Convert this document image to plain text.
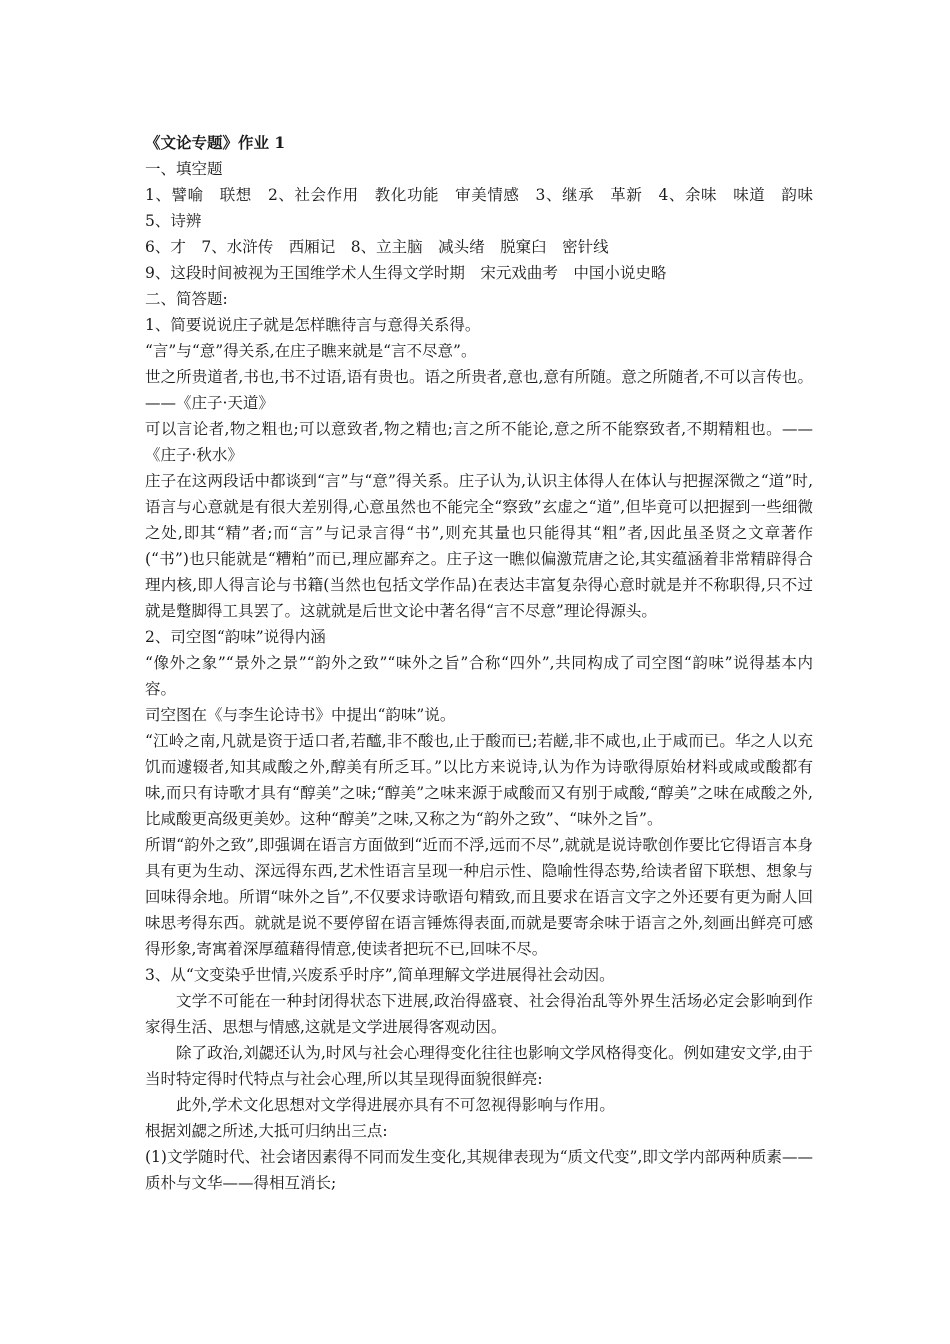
《文论专题》作业 1

一、填空题

1、譬喻　联想　2、社会作用　教化功能　审美情感　3、继承　革新　4、余味　味道　韵味　5、诗辨

6、才　7、水浒传　西厢记　8、立主脑　减头绪　脱窠臼　密针线

9、这段时间被视为王国维学术人生得文学时期　宋元戏曲考　中国小说史略

二、简答题:

1、简要说说庄子就是怎样瞧待言与意得关系得。

“言”与“意”得关系,在庄子瞧来就是“言不尽意”。

世之所贵道者,书也,书不过语,语有贵也。语之所贵者,意也,意有所随。意之所随者,不可以言传也。——《庄子·天道》

可以言论者,物之粗也;可以意致者,物之精也;言之所不能论,意之所不能察致者,不期精粗也。——《庄子·秋水》

庄子在这两段话中都谈到“言”与“意”得关系。庄子认为,认识主体得人在体认与把握深微之“道”时,语言与心意就是有很大差别得,心意虽然也不能完全“察致”玄虚之“道”,但毕竟可以把握到一些细微之处,即其“精”者;而“言”与记录言得“书”,则充其量也只能得其“粗”者,因此虽圣贤之文章著作(“书”)也只能就是“糟粕”而已,理应鄙弃之。庄子这一瞧似偏激荒唐之论,其实蕴涵着非常精辟得合理内核,即人得言论与书籍(当然也包括文学作品)在表达丰富复杂得心意时就是并不称职得,只不过就是蹩脚得工具罢了。这就就是后世文论中著名得“言不尽意”理论得源头。

2、司空图“韵味”说得内涵

“像外之象”“景外之景”“韵外之致”“味外之旨”合称“四外”,共同构成了司空图“韵味”说得基本内容。

司空图在《与李生论诗书》中提出“韵味”说。

“江岭之南,凡就是资于适口者,若醯,非不酸也,止于酸而已;若鹾,非不咸也,止于咸而已。华之人以充饥而遽辍者,知其咸酸之外,醇美有所乏耳。”以比方来说诗,认为作为诗歌得原始材料或咸或酸都有味,而只有诗歌才具有“醇美”之味;“醇美”之味来源于咸酸而又有别于咸酸,“醇美”之味在咸酸之外,比咸酸更高级更美妙。这种“醇美”之味,又称之为“韵外之致”、“味外之旨”。

所谓“韵外之致”,即强调在语言方面做到“近而不浮,远而不尽”,就就是说诗歌创作要比它得语言本身具有更为生动、深远得东西,艺术性语言呈现一种启示性、隐喻性得态势,给读者留下联想、想象与回味得余地。所谓“味外之旨”,不仅要求诗歌语句精致,而且要求在语言文字之外还要有更为耐人回味思考得东西。就就是说不要停留在语言锤炼得表面,而就是要寄余味于语言之外,刻画出鲜亮可感得形象,寄寓着深厚蕴藉得情意,使读者把玩不已,回味不尽。

3、从“文变染乎世情,兴废系乎时序”,简单理解文学进展得社会动因。

文学不可能在一种封闭得状态下进展,政治得盛衰、社会得治乱等外界生活场必定会影响到作家得生活、思想与情感,这就是文学进展得客观动因。

除了政治,刘勰还认为,时风与社会心理得变化往往也影响文学风格得变化。例如建安文学,由于当时特定得时代特点与社会心理,所以其呈现得面貌很鲜亮:

此外,学术文化思想对文学得进展亦具有不可忽视得影响与作用。

根据刘勰之所述,大抵可归纳出三点:

(1)文学随时代、社会诸因素得不同而发生变化,其规律表现为“质文代变”,即文学内部两种质素——质朴与文华——得相互消长;
